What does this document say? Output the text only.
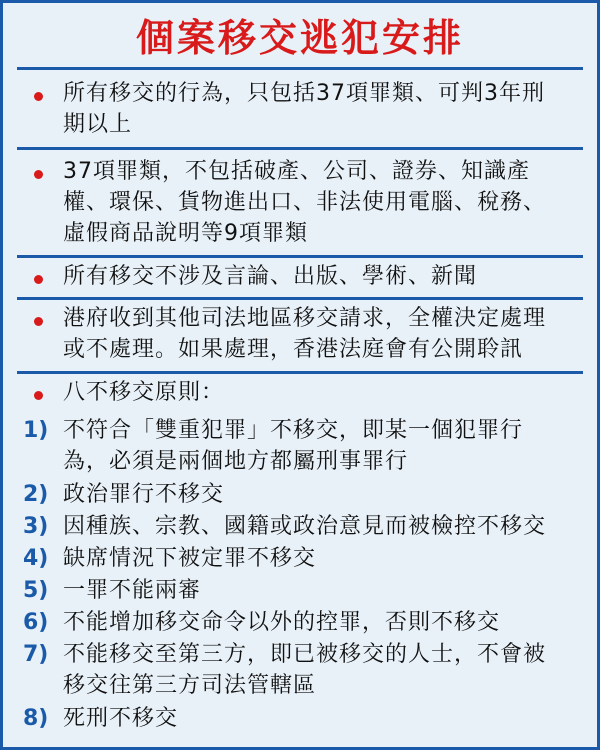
個案移交逃犯安排
所有移交的行為，只包括37項罪類、可判3年刑
期以上
37項罪類，不包括破產、公司、證券、知識產
權、環保、貨物進出口、非法使用電腦、稅務、
虛假商品說明等9項罪類
所有移交不涉及言論、出版、學術、新聞
港府收到其他司法地區移交請求，全權決定處理
或不處理。如果處理，香港法庭會有公開聆訊
八不移交原則：
1) 不符合「雙重犯罪」不移交，即某一個犯罪行
為，必須是兩個地方都屬刑事罪行
2) 政治罪行不移交
3) 因種族、宗教、國籍或政治意見而被檢控不移交
4) 缺席情況下被定罪不移交
5) 一罪不能兩審
6) 不能增加移交命令以外的控罪，否則不移交
7) 不能移交至第三方，即已被移交的人士，不會被
移交往第三方司法管轄區
8) 死刑不移交
